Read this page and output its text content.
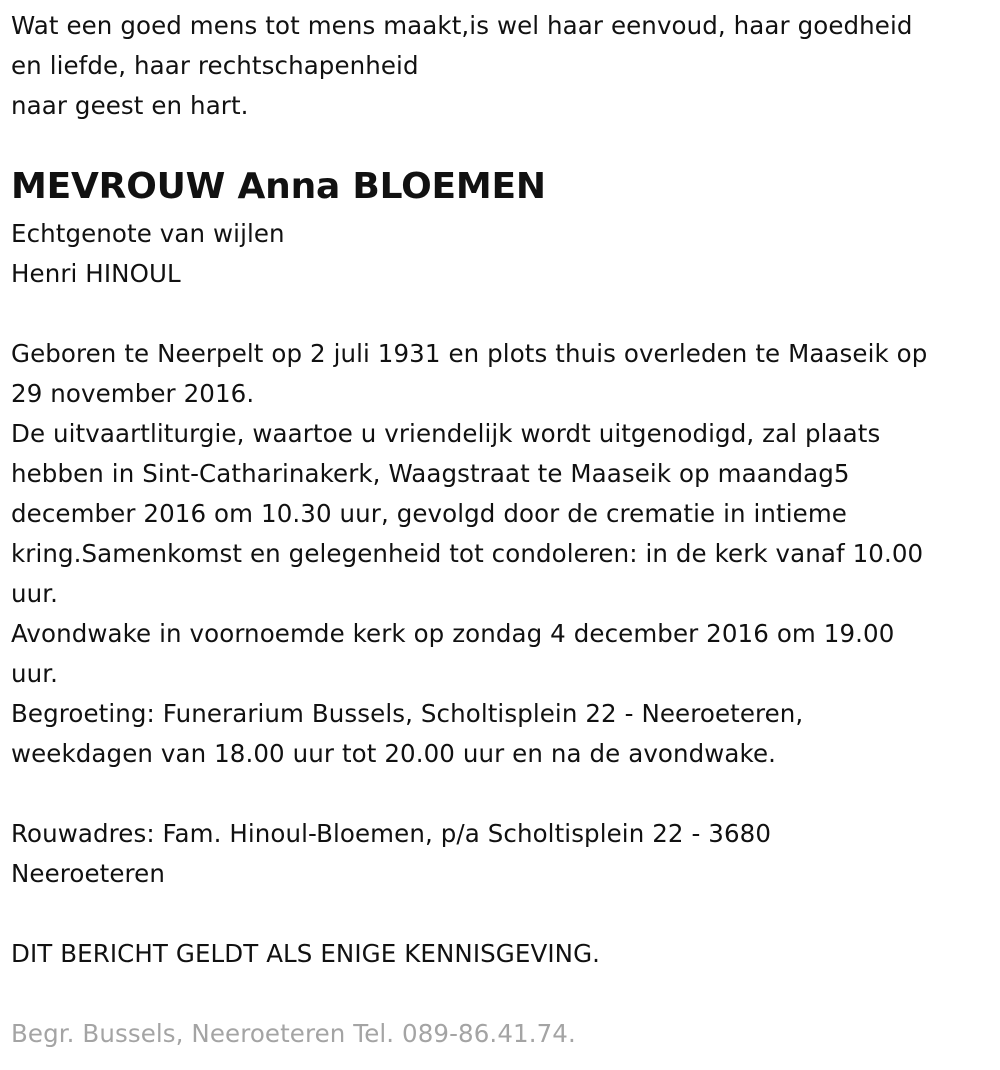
Wat een goed mens tot mens maakt,is wel haar eenvoud, haar goedheid
en liefde, haar rechtschapenheid
naar geest en hart.
MEVROUW Anna BLOEMEN
Echtgenote van wijlen
Henri HINOUL
Geboren te Neerpelt op 2 juli 1931 en plots thuis overleden te Maaseik op
29 november 2016.
De uitvaartliturgie, waartoe u vriendelijk wordt uitgenodigd, zal plaats
hebben in Sint-Catharinakerk, Waagstraat te Maaseik op maandag5
december 2016 om 10.30 uur, gevolgd door de crematie in intieme
kring.Samenkomst en gelegenheid tot condoleren: in de kerk vanaf 10.00
uur.
Avondwake in voornoemde kerk op zondag 4 december 2016 om 19.00
uur.
Begroeting: Funerarium Bussels, Scholtisplein 22 - Neeroeteren,
weekdagen van 18.00 uur tot 20.00 uur en na de avondwake.
Rouwadres: Fam. Hinoul-Bloemen, p/a Scholtisplein 22 - 3680
Neeroeteren
DIT BERICHT GELDT ALS ENIGE KENNISGEVING.
Begr. Bussels, Neeroeteren Tel. 089-86.41.74.
